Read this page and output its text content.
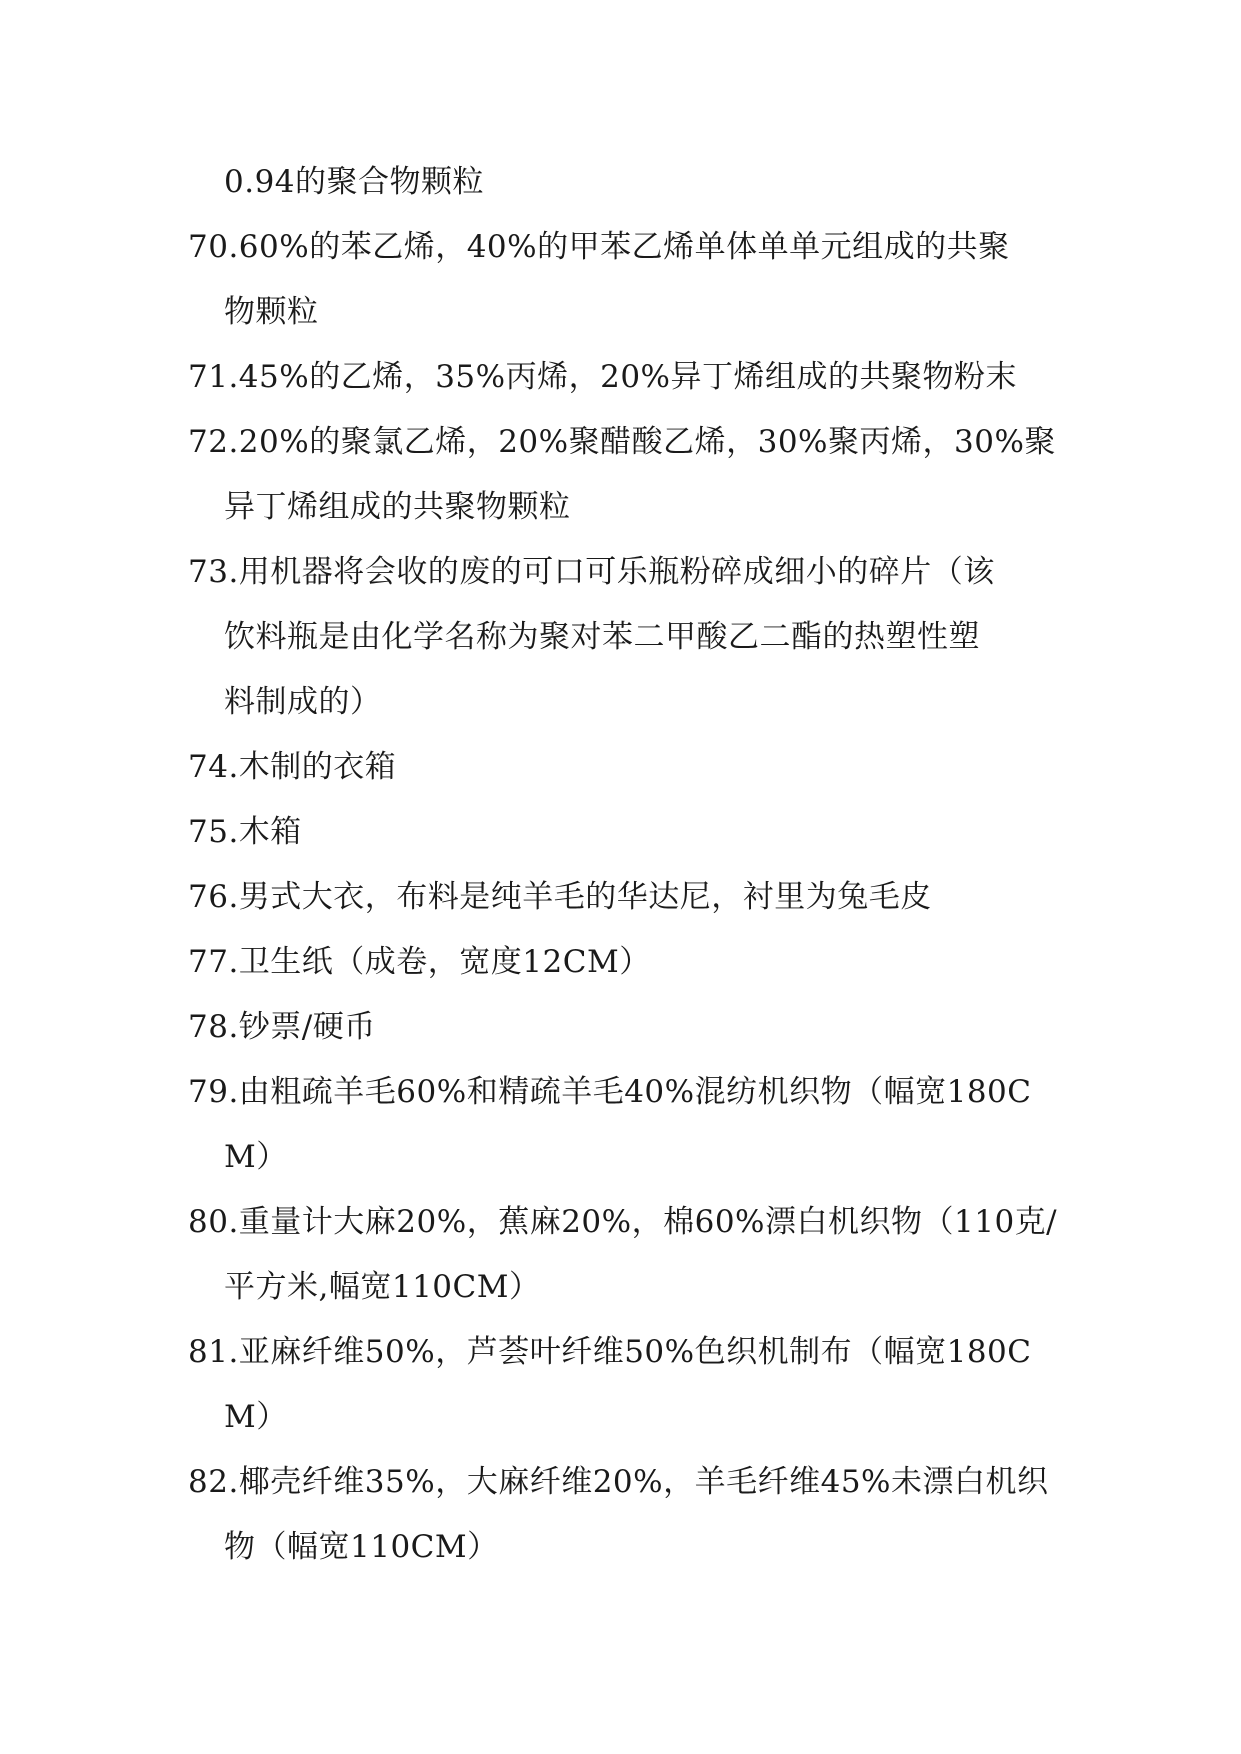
0.94的聚合物颗粒
70.60%的苯乙烯，40%的甲苯乙烯单体单单元组成的共聚
物颗粒
71.45%的乙烯，35%丙烯，20%异丁烯组成的共聚物粉末
72.20%的聚氯乙烯，20%聚醋酸乙烯，30%聚丙烯，30%聚
异丁烯组成的共聚物颗粒
73.用机器将会收的废的可口可乐瓶粉碎成细小的碎片（该
饮料瓶是由化学名称为聚对苯二甲酸乙二酯的热塑性塑
料制成的）
74.木制的衣箱
75.木箱
76.男式大衣，布料是纯羊毛的华达尼，衬里为兔毛皮
77.卫生纸（成卷，宽度12CM）
78.钞票/硬币
79.由粗疏羊毛60%和精疏羊毛40%混纺机织物（幅宽180C
M）
80.重量计大麻20%，蕉麻20%，棉60%漂白机织物（110克/
平方米,幅宽110CM）
81.亚麻纤维50%，芦荟叶纤维50%色织机制布（幅宽180C
M）
82.椰壳纤维35%，大麻纤维20%，羊毛纤维45%未漂白机织
物（幅宽110CM）
